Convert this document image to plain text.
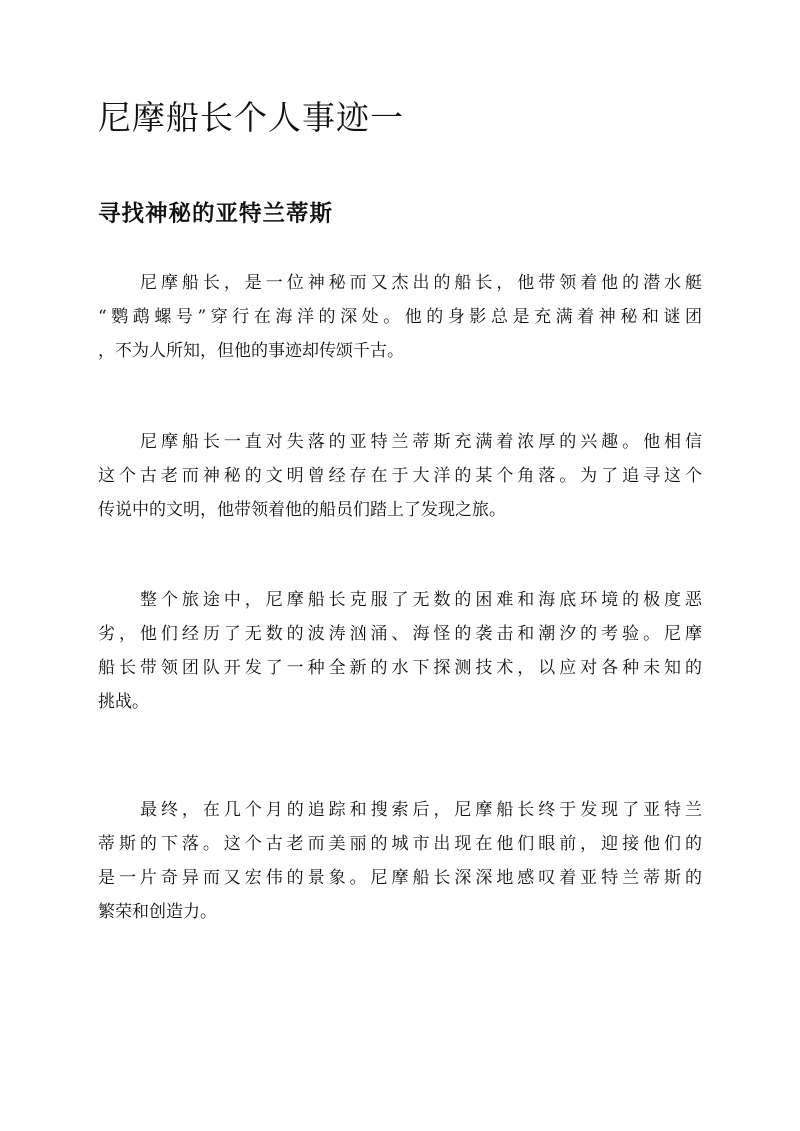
尼摩船长个人事迹一
寻找神秘的亚特兰蒂斯
尼摩船长，是一位神秘而又杰出的船长，他带领着他的潜水艇
“鹦鹉螺号”穿行在海洋的深处。他的身影总是充满着神秘和谜团
，不为人所知，但他的事迹却传颂千古。
尼摩船长一直对失落的亚特兰蒂斯充满着浓厚的兴趣。他相信
这个古老而神秘的文明曾经存在于大洋的某个角落。为了追寻这个
传说中的文明，他带领着他的船员们踏上了发现之旅。
整个旅途中，尼摩船长克服了无数的困难和海底环境的极度恶
劣，他们经历了无数的波涛汹涌、海怪的袭击和潮汐的考验。尼摩
船长带领团队开发了一种全新的水下探测技术，以应对各种未知的
挑战。
最终，在几个月的追踪和搜索后，尼摩船长终于发现了亚特兰
蒂斯的下落。这个古老而美丽的城市出现在他们眼前，迎接他们的
是一片奇异而又宏伟的景象。尼摩船长深深地感叹着亚特兰蒂斯的
繁荣和创造力。
